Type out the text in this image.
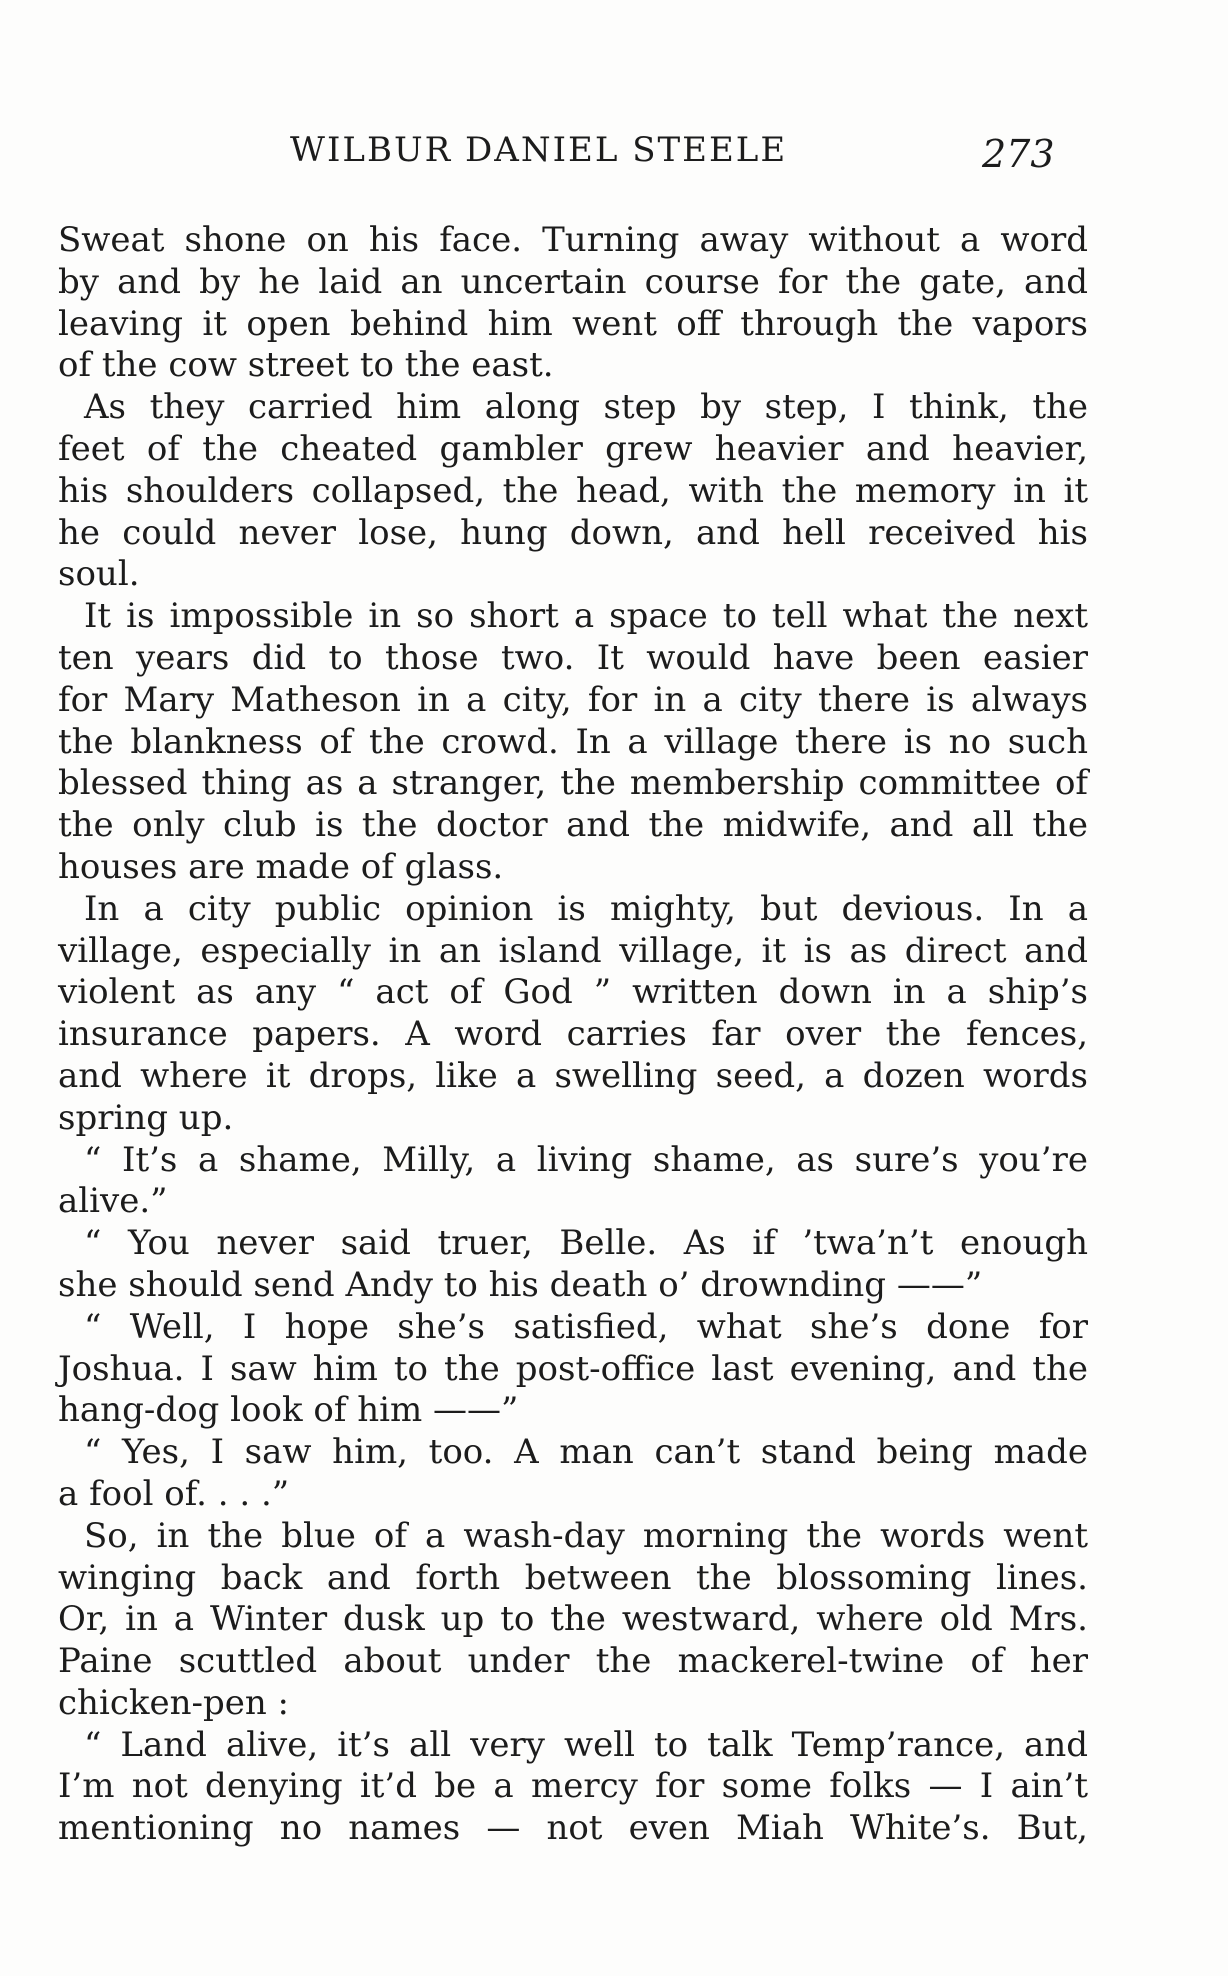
WILBUR DANIEL STEELE	273
Sweat shone on his face. Turning away without a word
by and by he laid an uncertain course for the gate, and
leaving it open behind him went off through the vapors
of the cow street to the east.
As they carried him along step by step, I think, the
feet of the cheated gambler grew heavier and heavier,
his shoulders collapsed, the head, with the memory in it
he could never lose, hung down, and hell received his
soul.
It is impossible in so short a space to tell what the next
ten years did to those two. It would have been easier
for Mary Matheson in a city, for in a city there is always
the blankness of the crowd. In a village there is no such
blessed thing as a stranger, the membership committee of
the only club is the doctor and the midwife, and all the
houses are made of glass.
In a city public opinion is mighty, but devious. In a
village, especially in an island village, it is as direct and
violent as any “ act of God ” written down in a ship’s
insurance papers. A word carries far over the fences,
and where it drops, like a swelling seed, a dozen words
spring up.
“ It’s a shame, Milly, a living shame, as sure’s you’re
alive.”
“ You never said truer, Belle. As if ’twa’n’t enough
she should send Andy to his death o’ drownding ——”
“ Well, I hope she’s satisfied, what she’s done for
Joshua. I saw him to the post-office last evening, and the
hang-dog look of him ——”
“ Yes, I saw him, too. A man can’t stand being made
a fool of. . . .”
So, in the blue of a wash-day morning the words went
winging back and forth between the blossoming lines.
Or, in a Winter dusk up to the westward, where old Mrs.
Paine scuttled about under the mackerel-twine of her
chicken-pen :
“ Land alive, it’s all very well to talk Temp’rance, and
I’m not denying it’d be a mercy for some folks — I ain’t
mentioning no names — not even Miah White’s. But,
